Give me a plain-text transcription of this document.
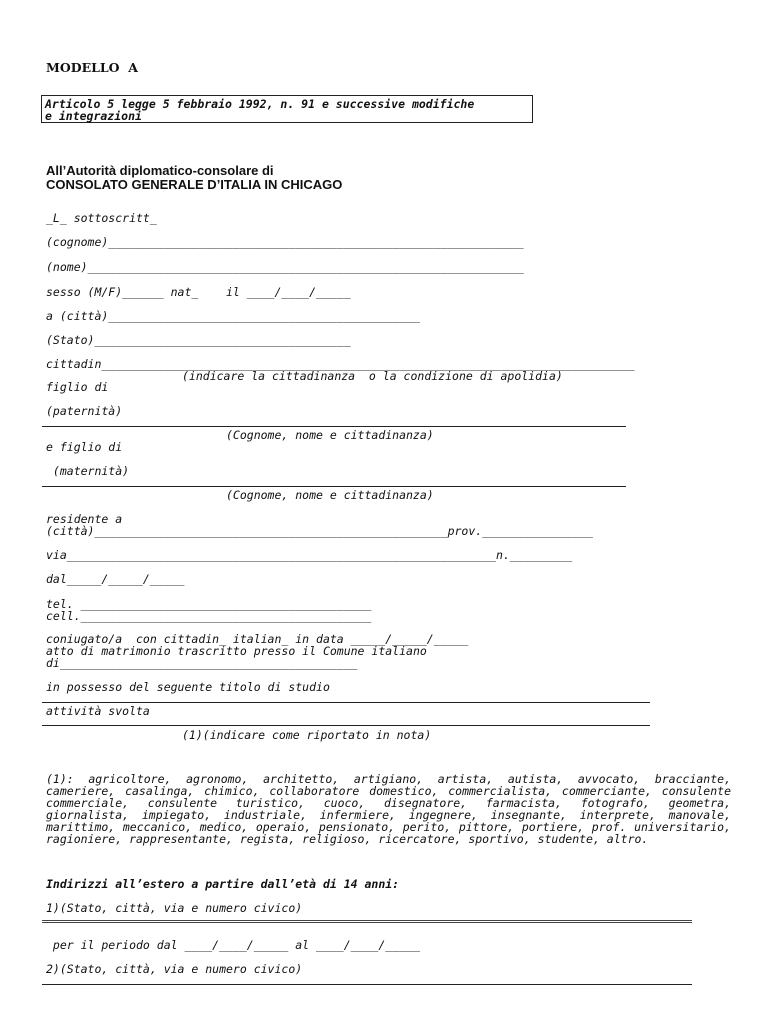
MODELLO  A
Articolo 5 legge 5 febbraio 1992, n. 91 e successive modifiche
e integrazioni
All’Autorità diplomatico-consolare di
CONSOLATO GENERALE D’ITALIA IN CHICAGO
_L_ sottoscritt_
(cognome)____________________________________________________________
(nome)_______________________________________________________________
sesso (M/F)______ nat_    il ____/____/_____
a (città)_____________________________________________
(Stato)_____________________________________
cittadin_____________________________________________________________________________
(indicare la cittadinanza  o la condizione di apolidia)
figlio di
(paternità)
(Cognome, nome e cittadinanza)
e figlio di
(maternità)
(Cognome, nome e cittadinanza)
residente a
(città)___________________________________________________prov.________________
via______________________________________________________________n._________
dal_____/_____/_____
tel. __________________________________________
cell.__________________________________________
coniugato/a  con cittadin_ italian_ in data _____/_____/_____
atto di matrimonio trascritto presso il Comune italiano
di___________________________________________
in possesso del seguente titolo di studio
attività svolta
(1)(indicare come riportato in nota)
(1): agricoltore, agronomo, architetto, artigiano, artista, autista, avvocato, bracciante, cameriere, casalinga, chimico, collaboratore domestico, commercialista, commerciante, consulente commerciale, consulente turistico, cuoco, disegnatore, farmacista, fotografo, geometra, giornalista, impiegato, industriale, infermiere, ingegnere, insegnante, interprete, manovale, marittimo, meccanico, medico, operaio, pensionato, perito, pittore, portiere, prof. universitario, ragioniere, rappresentante, regista, religioso, ricercatore, sportivo, studente, altro.
Indirizzi all’estero a partire dall’età di 14 anni:
1)(Stato, città, via e numero civico)
per il periodo dal ____/____/_____ al ____/____/_____
2)(Stato, città, via e numero civico)
